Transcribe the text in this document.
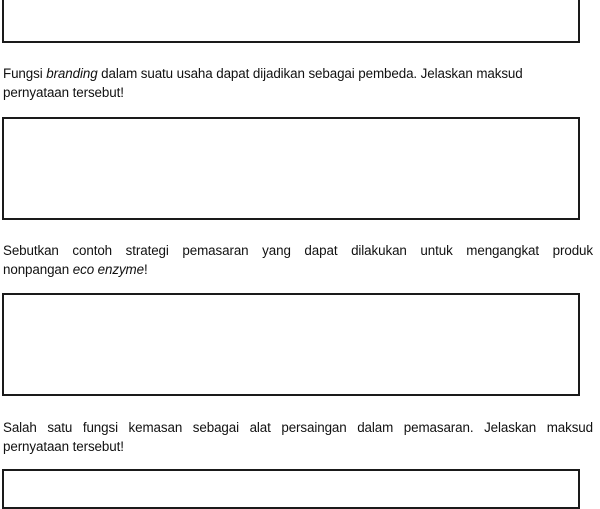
Fungsi branding dalam suatu usaha dapat dijadikan sebagai pembeda. Jelaskan maksud
pernyataan tersebut!
Sebutkan contoh strategi pemasaran yang dapat dilakukan untuk mengangkat produk
nonpangan eco enzyme!
Salah satu fungsi kemasan sebagai alat persaingan dalam pemasaran. Jelaskan maksud
pernyataan tersebut!
